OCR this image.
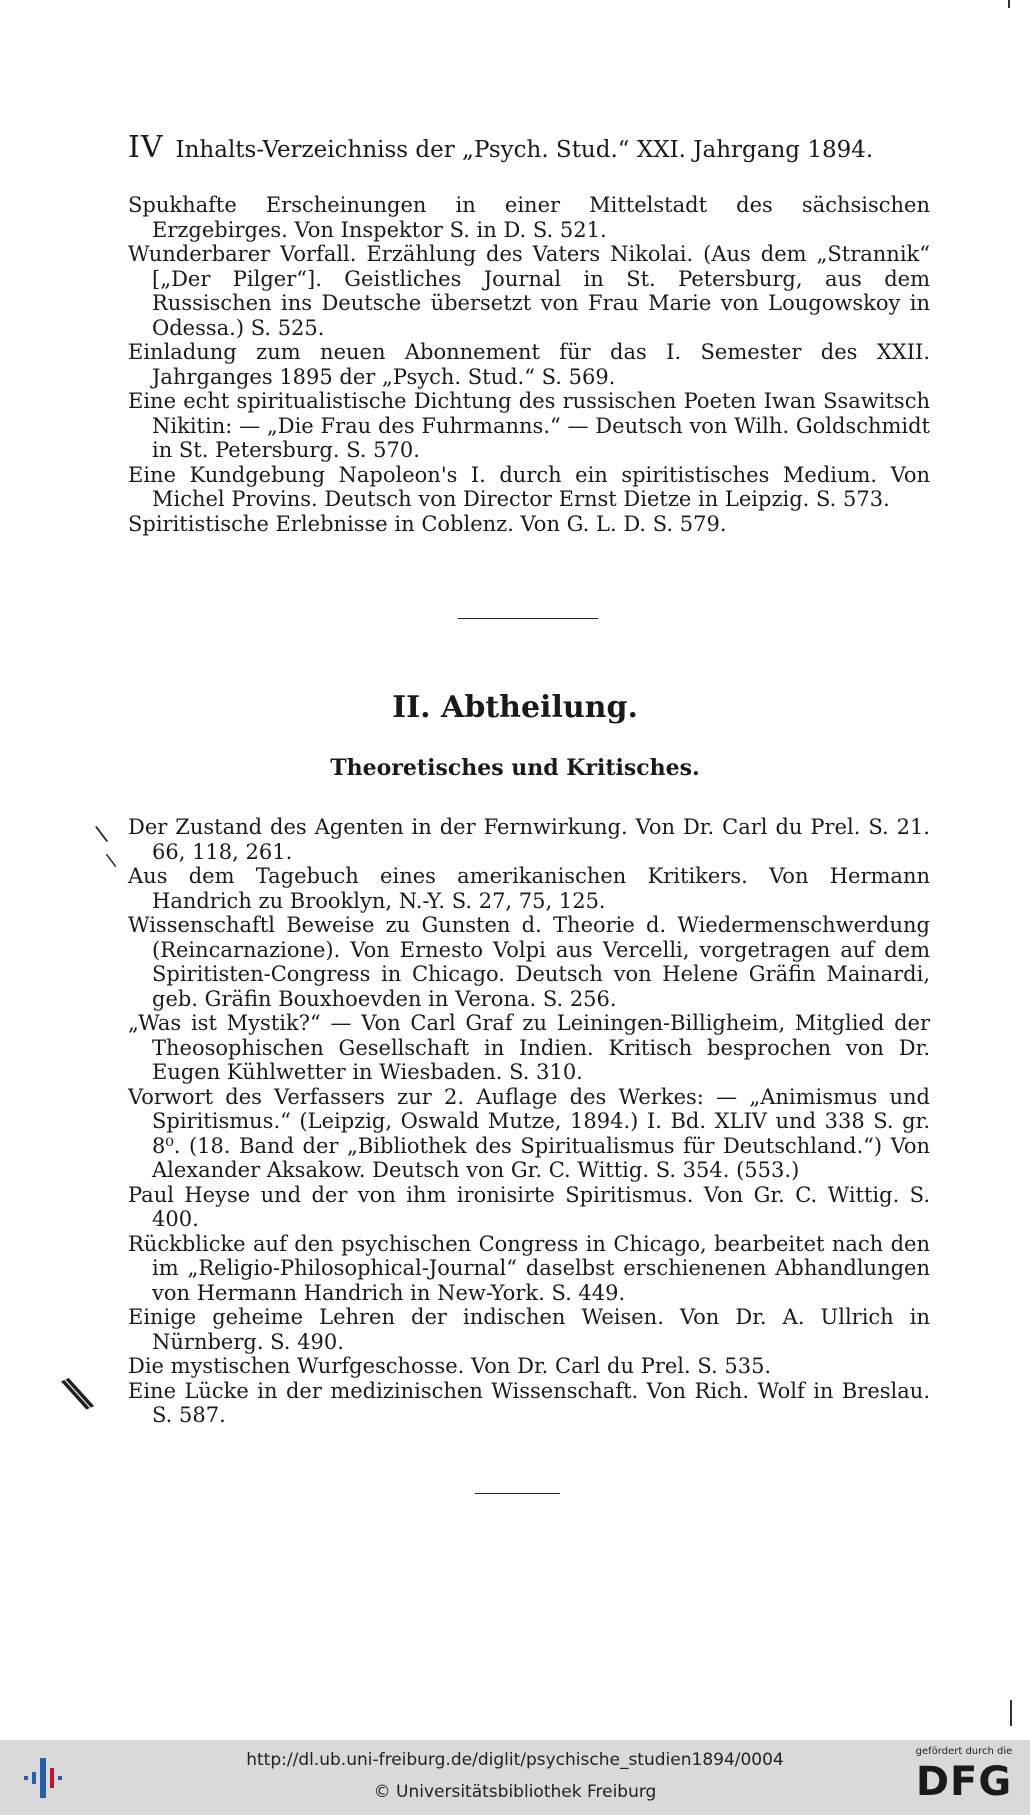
IV Inhalts-Verzeichniss der „Psych. Stud.“ XXI. Jahrgang 1894.

Spukhafte Erscheinungen in einer Mittelstadt des sächsischen Erzgebirges. Von Inspektor S. in D. S. 521.

Wunderbarer Vorfall. Erzählung des Vaters Nikolai. (Aus dem „Strannik“ [„Der Pilger“]. Geistliches Journal in St. Petersburg, aus dem Russischen ins Deutsche übersetzt von Frau Marie von Lougowskoy in Odessa.) S. 525.

Einladung zum neuen Abonnement für das I. Semester des XXII. Jahrganges 1895 der „Psych. Stud.“ S. 569.

Eine echt spiritualistische Dichtung des russischen Poeten Iwan Ssawitsch Nikitin: — „Die Frau des Fuhrmanns.“ — Deutsch von Wilh. Goldschmidt in St. Petersburg. S. 570.

Eine Kundgebung Napoleon's I. durch ein spiritistisches Medium. Von Michel Provins. Deutsch von Director Ernst Dietze in Leipzig. S. 573.

Spiritistische Erlebnisse in Coblenz. Von G. L. D. S. 579.

II. Abtheilung.
Theoretisches und Kritisches.
\
\

Der Zustand des Agenten in der Fernwirkung. Von Dr. Carl du Prel. S. 21. 66, 118, 261.

Aus dem Tagebuch eines amerikanischen Kritikers. Von Hermann Handrich zu Brooklyn, N.-Y. S. 27, 75, 125.

Wissenschaftl Beweise zu Gunsten d. Theorie d. Wiedermenschwerdung (Reincarnazione). Von Ernesto Volpi aus Vercelli, vorgetragen auf dem Spiritisten-Congress in Chicago. Deutsch von Helene Gräfin Mainardi, geb. Gräfin Bouxhoevden in Verona. S. 256.

„Was ist Mystik?“ — Von Carl Graf zu Leiningen-Billigheim, Mitglied der Theosophischen Gesellschaft in Indien. Kritisch besprochen von Dr. Eugen Kühlwetter in Wiesbaden. S. 310.

Vorwort des Verfassers zur 2. Auflage des Werkes: — „Animismus und Spiritismus.“ (Leipzig, Oswald Mutze, 1894.) I. Bd. XLIV und 338 S. gr. 8⁰. (18. Band der „Bibliothek des Spiritualismus für Deutschland.“) Von Alexander Aksakow. Deutsch von Gr. C. Wittig. S. 354. (553.)

Paul Heyse und der von ihm ironisirte Spiritismus. Von Gr. C. Wittig. S. 400.

Rückblicke auf den psychischen Congress in Chicago, bearbeitet nach den im „Religio-Philosophical-Journal“ daselbst erschienenen Abhandlungen von Hermann Handrich in New-York. S. 449.

Einige geheime Lehren der indischen Weisen. Von Dr. A. Ullrich in Nürnberg. S. 490.

Die mystischen Wurfgeschosse. Von Dr. Carl du Prel. S. 535.

Eine Lücke in der medizinischen Wissenschaft. Von Rich. Wolf in Breslau. S. 587.

\\
http://dl.ub.uni-freiburg.de/diglit/psychische_studien1894/0004
© Universitätsbibliothek Freiburg
gefördert durch die
DFG
